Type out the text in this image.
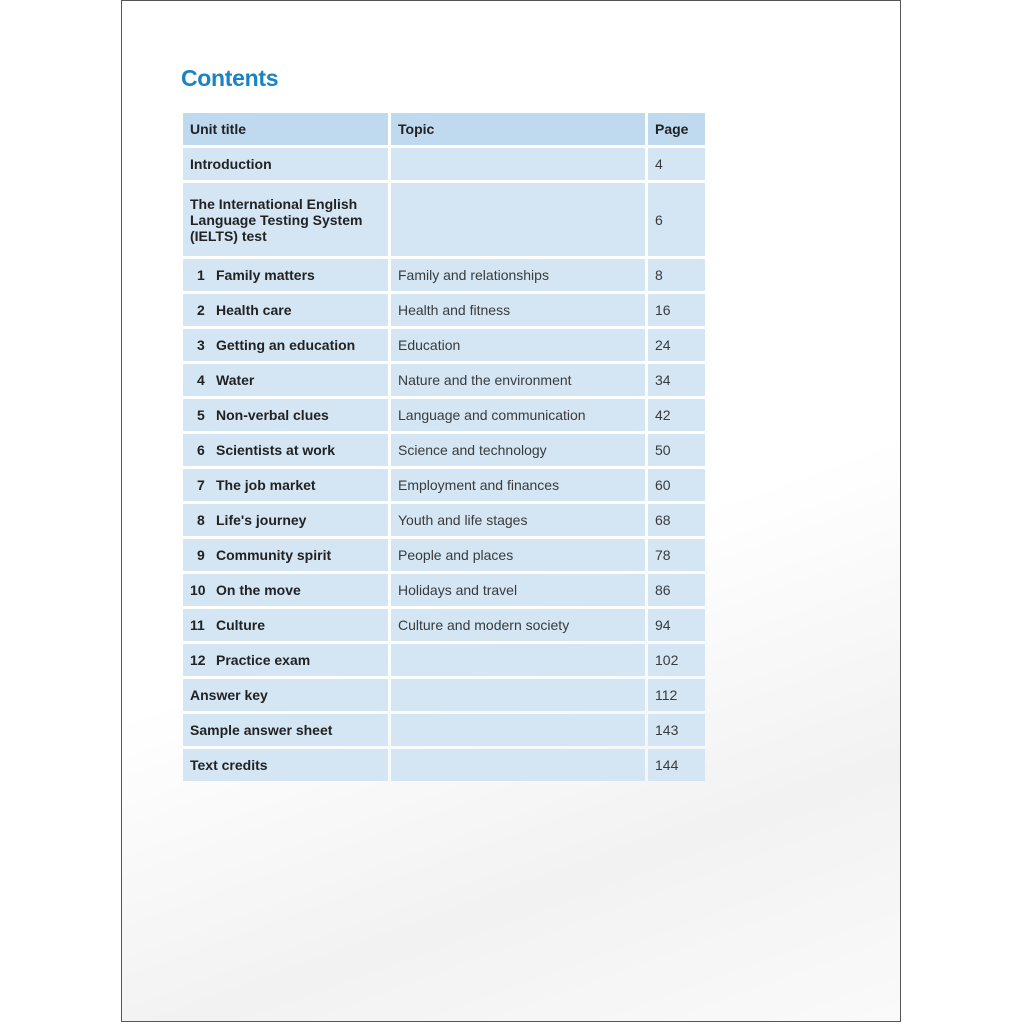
Contents
Unit title	Topic	Page
Introduction		4
The International English Language Testing System (IELTS) test		6
1 Family matters	Family and relationships	8
2 Health care	Health and fitness	16
3 Getting an education	Education	24
4 Water	Nature and the environment	34
5 Non-verbal clues	Language and communication	42
6 Scientists at work	Science and technology	50
7 The job market	Employment and finances	60
8 Life's journey	Youth and life stages	68
9 Community spirit	People and places	78
10 On the move	Holidays and travel	86
11 Culture	Culture and modern society	94
12 Practice exam		102
Answer key		112
Sample answer sheet		143
Text credits		144
